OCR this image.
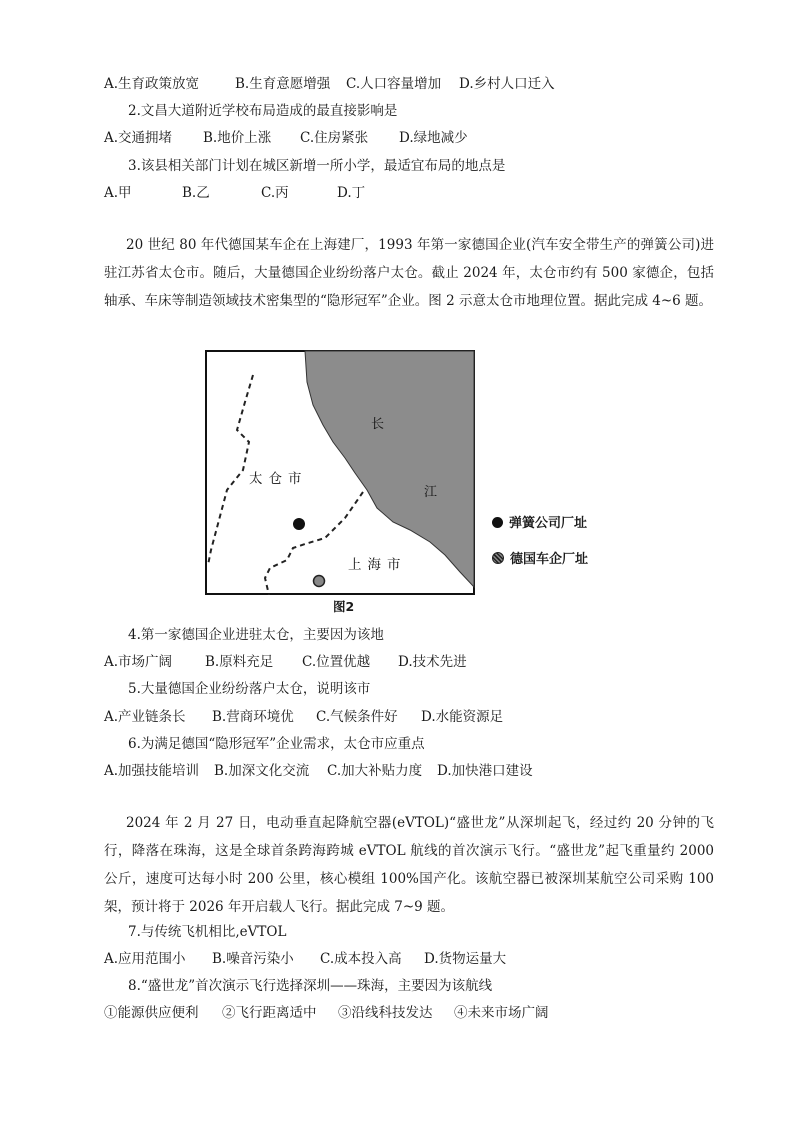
A.生育政策放宽	B.生育意愿增强 C.人口容量增加 D.乡村人口迁入
2.文昌大道附近学校布局造成的最直接影响是
A.交通拥堵 B.地价上涨 C.住房紧张 D.绿地减少
3.该县相关部门计划在城区新增一所小学，最适宜布局的地点是
A.甲	B.乙	C.丙	D.丁
20 世纪 80 年代德国某车企在上海建厂，1993 年第一家德国企业(汽车安全带生产的弹簧公司)进驻江苏省太仓市。随后，大量德国企业纷纷落户太仓。截止 2024 年，太仓市约有 500 家德企，包括轴承、车床等制造领域技术密集型的“隐形冠军”企业。图 2 示意太仓市地理位置。据此完成 4~6 题。
太仓市
上海市
长
江
弹簧公司厂址
德国车企厂址
图2
4.第一家德国企业进驻太仓，主要因为该地
A.市场广阔 B.原料充足 C.位置优越 D.技术先进
5.大量德国企业纷纷落户太仓，说明该市
A.产业链条长 B.营商环境优 C.气候条件好 D.水能资源足
6.为满足德国“隐形冠军”企业需求，太仓市应重点
A.加强技能培训 B.加深文化交流 C.加大补贴力度 D.加快港口建设
2024 年 2 月 27 日，电动垂直起降航空器(eVTOL)“盛世龙”从深圳起飞，经过约 20 分钟的飞行，降落在珠海，这是全球首条跨海跨城 eVTOL 航线的首次演示飞行。“盛世龙”起飞重量约 2000 公斤，速度可达每小时 200 公里，核心模组 100%国产化。该航空器已被深圳某航空公司采购 100 架，预计将于 2026 年开启载人飞行。据此完成 7~9 题。
7.与传统飞机相比,eVTOL
A.应用范围小 B.噪音污染小 C.成本投入高 D.货物运量大
8.“盛世龙”首次演示飞行选择深圳——珠海，主要因为该航线
①能源供应便利 ②飞行距离适中 ③沿线科技发达 ④未来市场广阔
